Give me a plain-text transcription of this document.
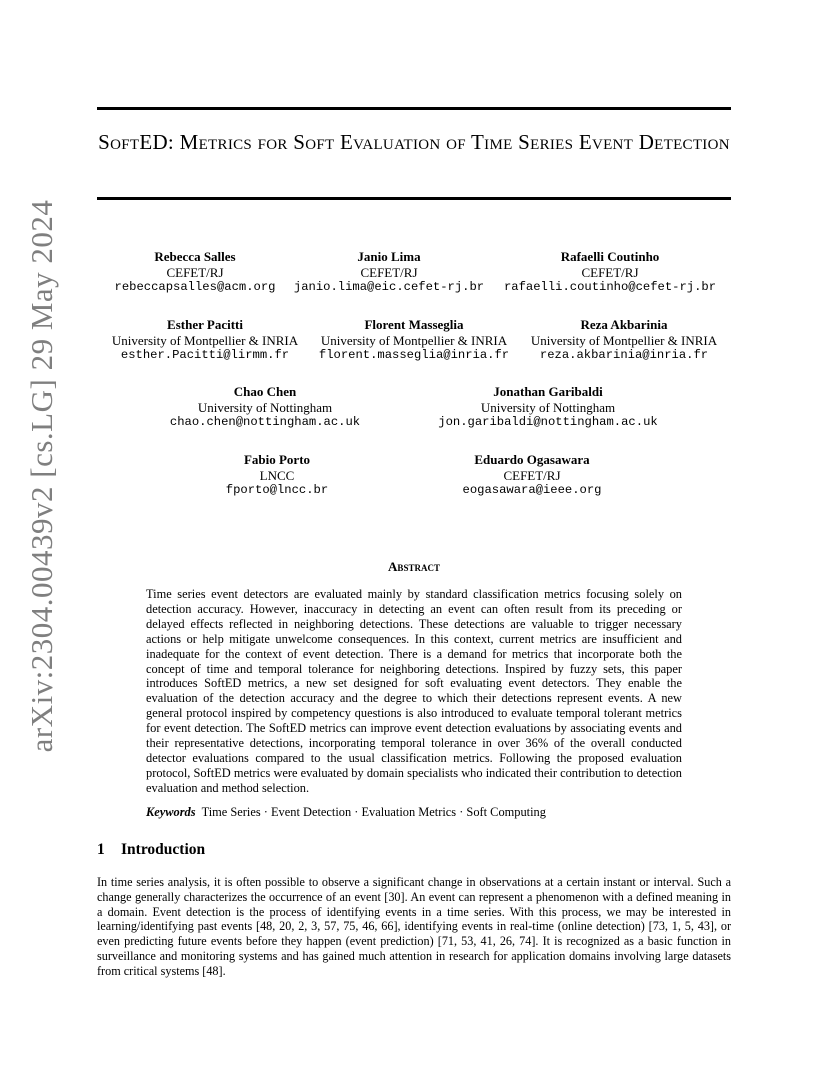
SoftED: Metrics for Soft Evaluation of Time Series Event Detection
arXiv:2304.00439v2 [cs.LG] 29 May 2024	Rebecca Salles
CEFET/RJ
rebeccapsalles@acm.org
Janio Lima
CEFET/RJ
janio.lima@eic.cefet-rj.br
Rafaelli Coutinho
CEFET/RJ
rafaelli.coutinho@cefet-rj.br
Esther Pacitti
University of Montpellier & INRIA
esther.Pacitti@lirmm.fr
Florent Masseglia
University of Montpellier & INRIA
florent.masseglia@inria.fr
Reza Akbarinia
University of Montpellier & INRIA
reza.akbarinia@inria.fr
Chao Chen
University of Nottingham
chao.chen@nottingham.ac.uk
Jonathan Garibaldi
University of Nottingham
jon.garibaldi@nottingham.ac.uk
Fabio Porto
LNCC
fporto@lncc.br
Eduardo Ogasawara
CEFET/RJ
eogasawara@ieee.org
Abstract
Time series event detectors are evaluated mainly by standard classification metrics focusing solely on detection accuracy. However, inaccuracy in detecting an event can often result from its preceding or delayed effects reflected in neighboring detections. These detections are valuable to trigger necessary actions or help mitigate unwelcome consequences. In this context, current metrics are insufficient and inadequate for the context of event detection. There is a demand for metrics that incorporate both the concept of time and temporal tolerance for neighboring detections. Inspired by fuzzy sets, this paper introduces SoftED metrics, a new set designed for soft evaluating event detectors. They enable the evaluation of the detection accuracy and the degree to which their detections represent events. A new general protocol inspired by competency questions is also introduced to evaluate temporal tolerant metrics for event detection. The SoftED metrics can improve event detection evaluations by associating events and their representative detections, incorporating temporal tolerance in over 36% of the overall conducted detector evaluations compared to the usual classification metrics. Following the proposed evaluation protocol, SoftED metrics were evaluated by domain specialists who indicated their contribution to detection evaluation and method selection.
Keywords Time Series · Event Detection · Evaluation Metrics · Soft Computing
1 Introduction
In time series analysis, it is often possible to observe a significant change in observations at a certain instant or interval. Such a change generally characterizes the occurrence of an event [30]. An event can represent a phenomenon with a defined meaning in a domain. Event detection is the process of identifying events in a time series. With this process, we may be interested in learning/identifying past events [48, 20, 2, 3, 57, 75, 46, 66], identifying events in real-time (online detection) [73, 1, 5, 43], or even predicting future events before they happen (event prediction) [71, 53, 41, 26, 74]. It is recognized as a basic function in surveillance and monitoring systems and has gained much attention in research for application domains involving large datasets from critical systems [48].
